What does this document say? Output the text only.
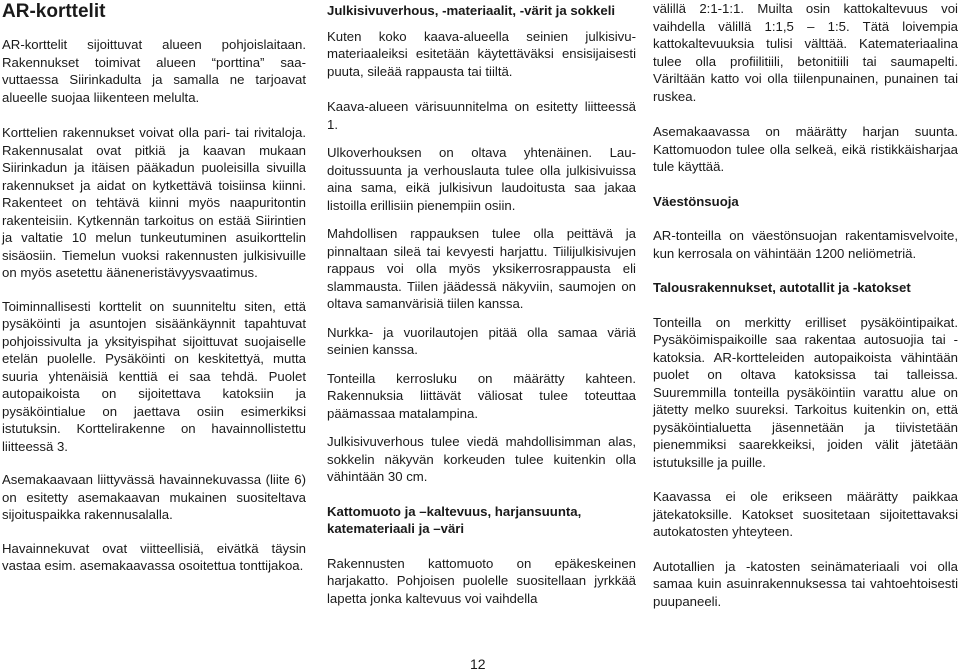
AR-korttelit

AR-korttelit sijoittuvat alueen pohjoislaitaan. Rakennukset toimivat alueen “porttina” saavuttaessa Siirinkadulta ja samalla ne tarjoavat alueelle suojaa liikenteen melulta.

Korttelien rakennukset voivat olla pari- tai rivitaloja. Rakennusalat ovat pitkiä ja kaavan mukaan Siirinkadun ja itäisen pääkadun puoleisilla sivuilla rakennukset ja aidat on kytkettävä toisiinsa kiinni. Rakenteet on tehtävä kiinni myös naapuritontin rakenteisiin. Kytkennän tarkoitus on estää Siirintien ja valtatie 10 melun tunkeutuminen asuikorttelin sisäosiin. Tiemelun vuoksi rakennusten julkisivuille on myös asetettu ääneneristävyysvaatimus.

Toiminnallisesti korttelit on suunniteltu siten, että pysäköinti ja asuntojen sisäänkäynnit tapahtuvat pohjoissivulta ja yksityispihat sijoittuvat suojaiselle etelän puolelle. Pysäköinti on keskitettyä, mutta suuria yhtenäisiä kenttiä ei saa tehdä. Puolet autopaikoista on sijoitettava katoksiin ja pysäköintialue on jaettava osiin esimerkiksi istutuksin. Korttelirakenne on havainnollistettu liitteessä 3.

Asemakaavaan liittyvässä havainnekuvassa (liite 6) on esitetty asemakaavan mukainen suositeltava sijoituspaikka rakennusalalla.

Havainnekuvat ovat viitteellisiä, eivätkä täysin vastaa esim. asemakaavassa osoitettua tonttijakoa.

Julkisivuverhous, -materiaalit, -värit ja sokkeli

Kuten koko kaava-alueella seinien julkisivumateriaaleiksi esitetään käytettäväksi ensisijaisesti puuta, sileää rappausta tai tiiltä.

Kaava-alueen värisuunnitelma on esitetty liitteessä 1.

Ulkoverhouksen on oltava yhtenäinen. Laudoitussuunta ja verhouslauta tulee olla julkisivuissa aina sama, eikä julkisivun laudoitusta saa jakaa listoilla erillisiin pienempiin osiin.

Mahdollisen rappauksen tulee olla peittävä ja pinnaltaan sileä tai kevyesti harjattu. Tiilijulkisivujen rappaus voi olla myös yksikerrosrappausta eli slammausta. Tiilen jäädessä näkyviin, saumojen on oltava samanvärisiä tiilen kanssa.

Nurkka- ja vuorilautojen pitää olla samaa väriä seinien kanssa.

Tonteilla kerrosluku on määrätty kahteen. Rakennuksia liittävät väliosat tulee toteuttaa päämassaa matalampina.

Julkisivuverhous tulee viedä mahdollisimman alas, sokkelin näkyvän korkeuden tulee kuitenkin olla vähintään 30 cm.

Kattomuoto ja –kaltevuus, harjansuunta, katemateriaali ja –väri

Rakennusten kattomuoto on epäkeskeinen harjakatto. Pohjoisen puolelle suositellaan jyrkkää lapetta jonka kaltevuus voi vaihdella

välillä 2:1-1:1. Muilta osin kattokaltevuus voi vaihdella välillä 1:1,5 – 1:5. Tätä loivempia kattokaltevuuksia tulisi välttää. Katemateriaalina tulee olla profiilitiili, betonitiili tai saumapelti. Väriltään katto voi olla tiilenpunainen, punainen tai ruskea.

Asemakaavassa on määrätty harjan suunta. Kattomuodon tulee olla selkeä, eikä ristikkäisharjaa tule käyttää.

Väestönsuoja

AR-tonteilla on väestönsuojan rakentamisvelvoite, kun kerrosala on vähintään 1200 neliömetriä.

Talousrakennukset, autotallit ja -katokset

Tonteilla on merkitty erilliset pysäköintipaikat. Pysäköimispaikoille saa rakentaa autosuojia tai -katoksia. AR-kortteleiden autopaikoista vähintään puolet on oltava katoksissa tai talleissa. Suuremmilla tonteilla pysäköintiin varattu alue on jätetty melko suureksi. Tarkoitus kuitenkin on, että pysäköintialuetta jäsennetään ja tiivistetään pienemmiksi saarekkeiksi, joiden välit jätetään istutuksille ja puille.

Kaavassa ei ole erikseen määrätty paikkaa jätekatoksille. Katokset suositetaan sijoitettavaksi autokatosten yhteyteen.

Autotallien ja -katosten seinämateriaali voi olla samaa kuin asuinrakennuksessa tai vahtoehtoisesti puupaneeli.

12
